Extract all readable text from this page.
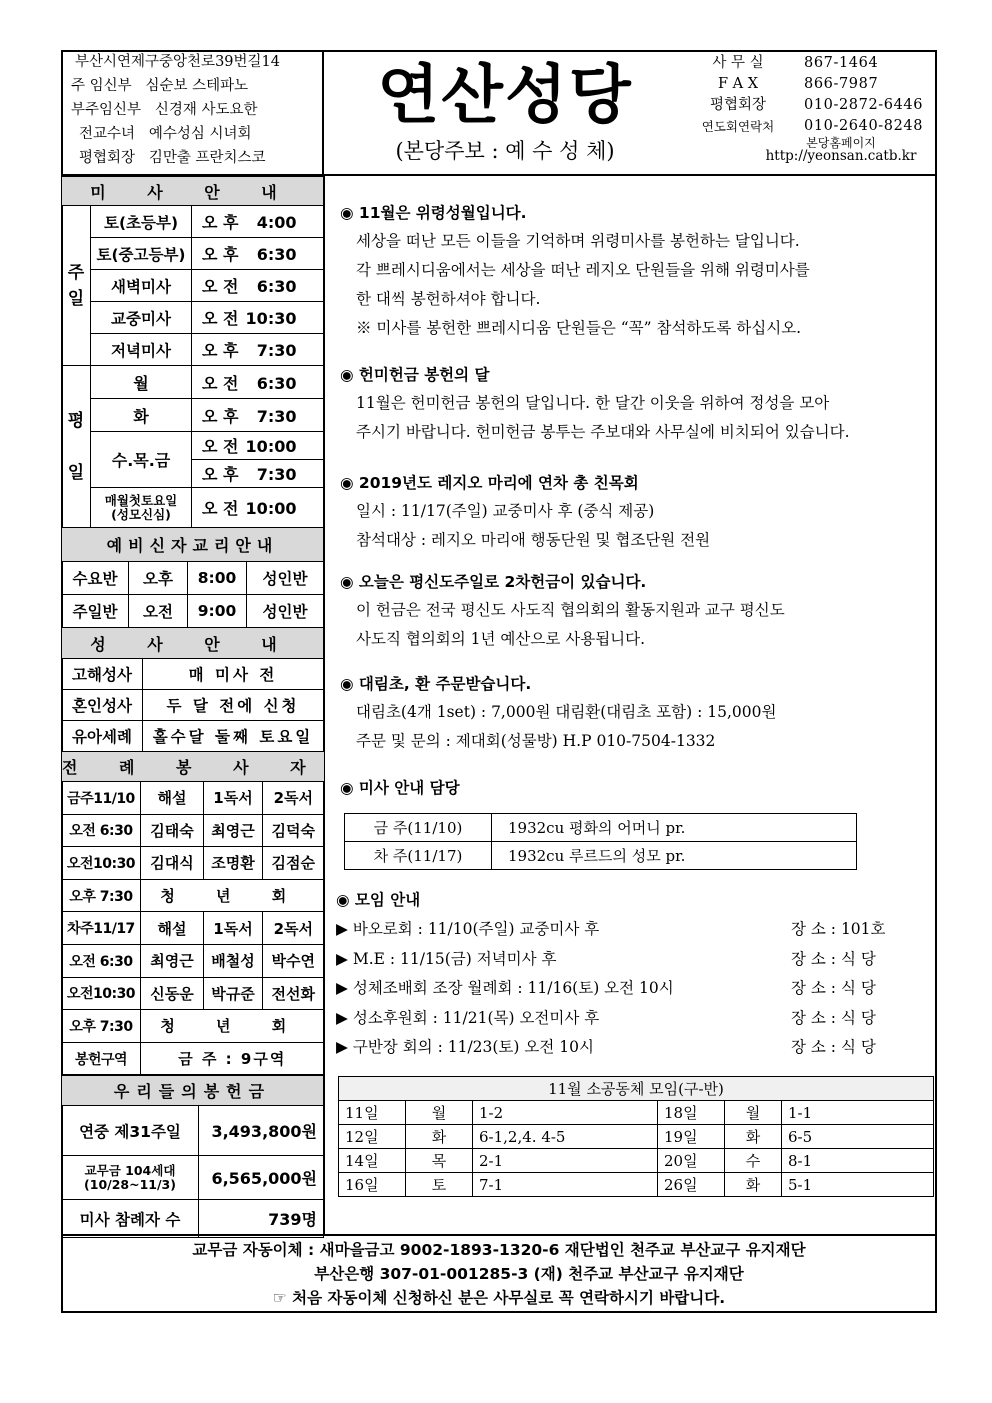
부산시연제구중앙천로39번길14
주 임신부 심순보 스테파노
부주임신부 신경재 사도요한
전교수녀 예수성심 시녀회
평협회장 김만출 프란치스코
연산성당
(본당주보 : 예 수 성 체)
사 무 실	867-1464
F A X	866-7987
평협회장	010-2872-6446
연도회연락처	010-2640-8248
본당홈페이지
http://yeonsan.catb.kr
미 사 안 내		
주
일	토(초등부)	오 후 4:00
	토(중고등부)	오 후 6:30
	새벽미사	오 전 6:30
	교중미사	오 전 10:30
	저녁미사	오 후 7:30
평

일	월	오 전 6:30
	화	오 후 7:30
	수.목.금	오 전 10:00
		오 후 7:30
	매월첫토요일
(성모신심)	오 전 10:00
예비신자교리안내			
수요반	오후	8:00	성인반
주일반	오전	9:00	성인반
성 사 안 내	
고해성사	매 미사 전
혼인성사	두 달 전에 신청
유아세례	홀수달 둘째 토요일
전 례 봉 사 자			
금주11/10	해설	1독서	2독서
오전 6:30	김태숙	최영근	김덕숙
오전10:30	김대식	조명환	김점순
오후 7:30	청 년 회		
차주11/17	해설	1독서	2독서
오전 6:30	최영근	배철성	박수연
오전10:30	신동운	박규준	전선화
오후 7:30	청 년 회		
봉헌구역	금 주 : 9구역		
우리들의봉헌금	
연중 제31주일	3,493,800원
교무금 104세대
(10/28~11/3)	6,565,000원
미사 참례자 수	739명
◉ 11월은 위령성월입니다.

세상을 떠난 모든 이들을 기억하며 위령미사를 봉헌하는 달입니다.

각 쁘레시디움에서는 세상을 떠난 레지오 단원들을 위해 위령미사를

한 대씩 봉헌하셔야 합니다.

※ 미사를 봉헌한 쁘레시디움 단원들은 “꼭” 참석하도록 하십시오.

◉ 헌미헌금 봉헌의 달

11월은 헌미헌금 봉헌의 달입니다. 한 달간 이웃을 위하여 정성을 모아

주시기 바랍니다. 헌미헌금 봉투는 주보대와 사무실에 비치되어 있습니다.

◉ 2019년도 레지오 마리에 연차 총 친목회

일시 : 11/17(주일) 교중미사 후 (중식 제공)

참석대상 : 레지오 마리애 행동단원 및 협조단원 전원

◉ 오늘은 평신도주일로 2차헌금이 있습니다.

이 헌금은 전국 평신도 사도직 협의회의 활동지원과 교구 평신도

사도직 협의회의 1년 예산으로 사용됩니다.

◉ 대림초, 환 주문받습니다.

대림초(4개 1set) : 7,000원 대림환(대림초 포함) : 15,000원

주문 및 문의 : 제대회(성물방) H.P 010-7504-1332

◉ 미사 안내 담당
금 주(11/10)	1932cu 평화의 어머니 pr.
차 주(11/17)	1932cu 루르드의 성모 pr.
◉ 모임 안내
▶ 바오로회 : 11/10(주일) 교중미사 후	장 소 : 101호
▶ M.E : 11/15(금) 저녁미사 후	장 소 : 식 당
▶ 성체조배회 조장 월례회 : 11/16(토) 오전 10시	장 소 : 식 당
▶ 성소후원회 : 11/21(목) 오전미사 후	장 소 : 식 당
▶ 구반장 회의 : 11/23(토) 오전 10시	장 소 : 식 당
11월 소공동체 모임(구-반)					
11일	월	1-2	18일	월	1-1
12일	화	6-1,2,4. 4-5	19일	화	6-5
14일	목	2-1	20일	수	8-1
16일	토	7-1	26일	화	5-1
교무금 자동이체 : 새마을금고 9002-1893-1320-6 재단법인 천주교 부산교구 유지재단
부산은행 307-01-001285-3 (재) 천주교 부산교구 유지재단
☞ 처음 자동이체 신청하신 분은 사무실로 꼭 연락하시기 바랍니다.
